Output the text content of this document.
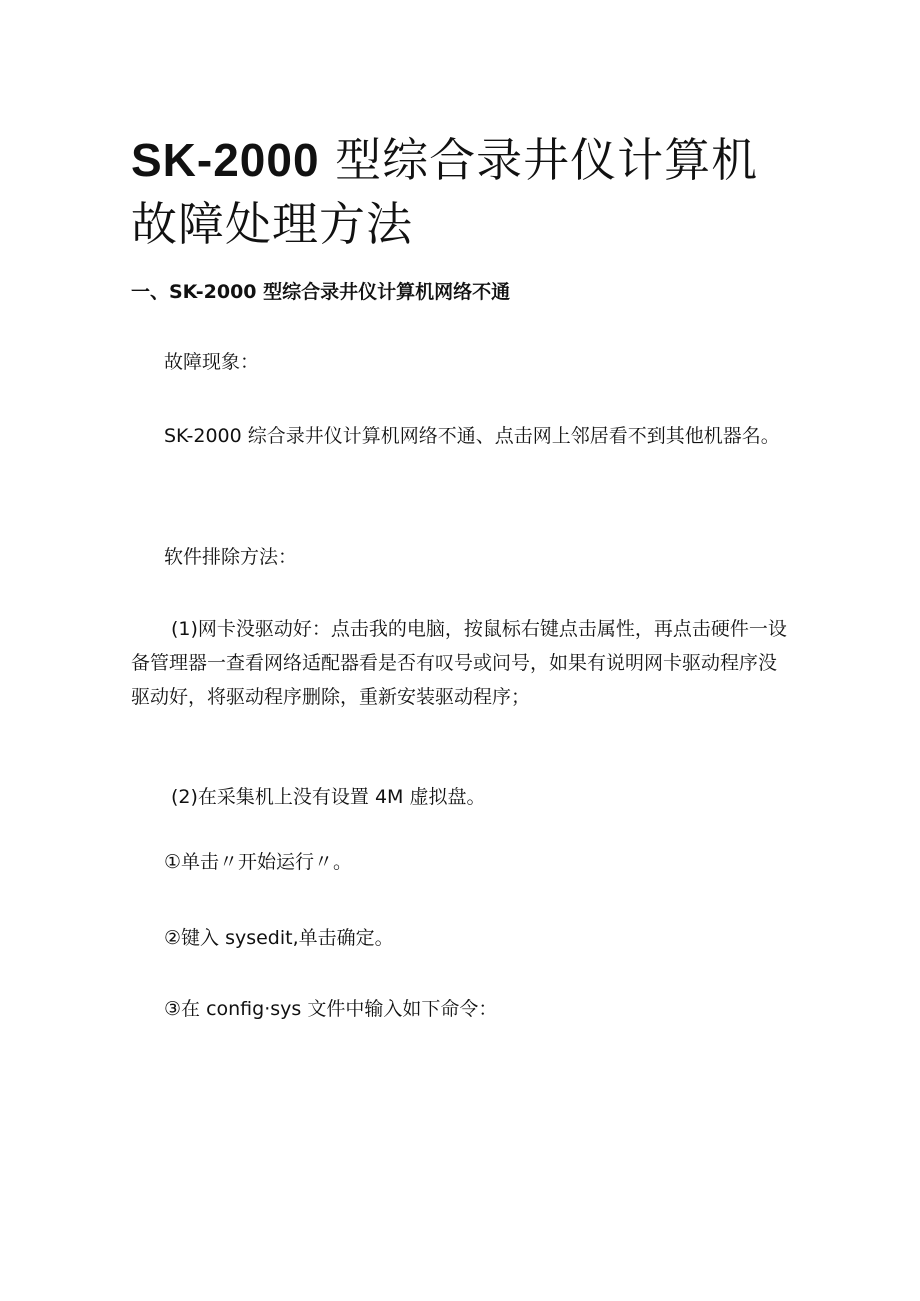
SK-2000 型综合录井仪计算机故障处理方法
一、SK-2000 型综合录井仪计算机网络不通

故障现象：

SK-2000 综合录井仪计算机网络不通、点击网上邻居看不到其他机器名。

软件排除方法：

(1)网卡没驱动好：点击我的电脑，按鼠标右键点击属性，再点击硬件一设备管理器一查看网络适配器看是否有叹号或问号，如果有说明网卡驱动程序没驱动好，将驱动程序删除，重新安装驱动程序；

(2)在采集机上没有设置 4M 虚拟盘。

①单击〃开始运行〃。

②键入 sysedit,单击确定。

③在 config·sys 文件中输入如下命令：
